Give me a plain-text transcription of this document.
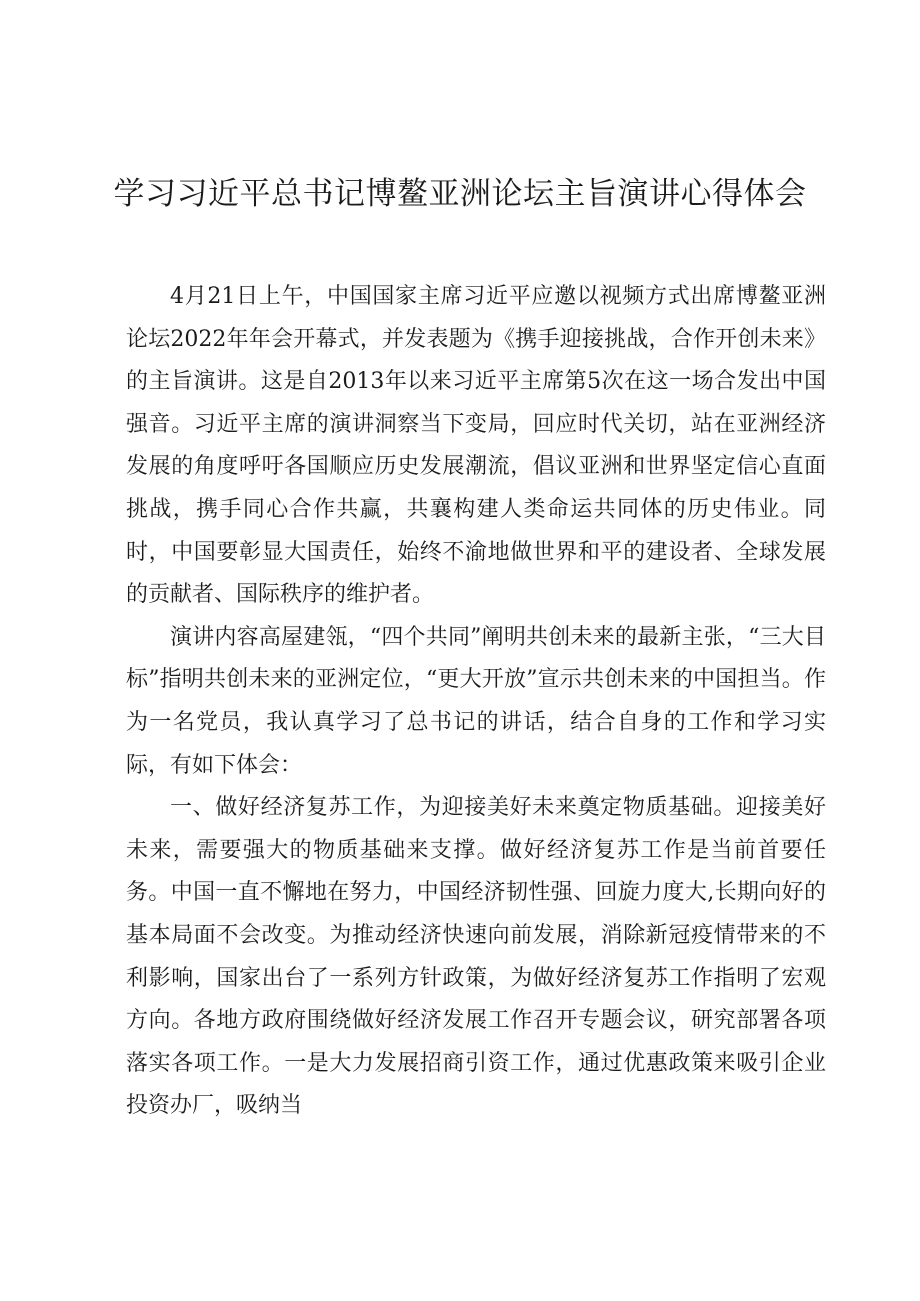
学习习近平总书记博鳌亚洲论坛主旨演讲心得体会

4月21日上午，中国国家主席习近平应邀以视频方式出席博鳌亚洲论坛2022年年会开幕式，并发表题为《携手迎接挑战，合作开创未来》的主旨演讲。这是自2013年以来习近平主席第5次在这一场合发出中国强音。习近平主席的演讲洞察当下变局，回应时代关切，站在亚洲经济发展的角度呼吁各国顺应历史发展潮流，倡议亚洲和世界坚定信心直面挑战，携手同心合作共赢，共襄构建人类命运共同体的历史伟业。同时，中国要彰显大国责任，始终不渝地做世界和平的建设者、全球发展的贡献者、国际秩序的维护者。

演讲内容高屋建瓴，“四个共同”阐明共创未来的最新主张，“三大目标”指明共创未来的亚洲定位，“更大开放”宣示共创未来的中国担当。作为一名党员，我认真学习了总书记的讲话，结合自身的工作和学习实际，有如下体会：

一、做好经济复苏工作，为迎接美好未来奠定物质基础。迎接美好未来，需要强大的物质基础来支撑。做好经济复苏工作是当前首要任务。中国一直不懈地在努力，中国经济韧性强、回旋力度大,长期向好的基本局面不会改变。为推动经济快速向前发展，消除新冠疫情带来的不利影响，国家出台了一系列方针政策，为做好经济复苏工作指明了宏观方向。各地方政府围绕做好经济发展工作召开专题会议，研究部署各项落实各项工作。一是大力发展招商引资工作，通过优惠政策来吸引企业投资办厂，吸纳当
